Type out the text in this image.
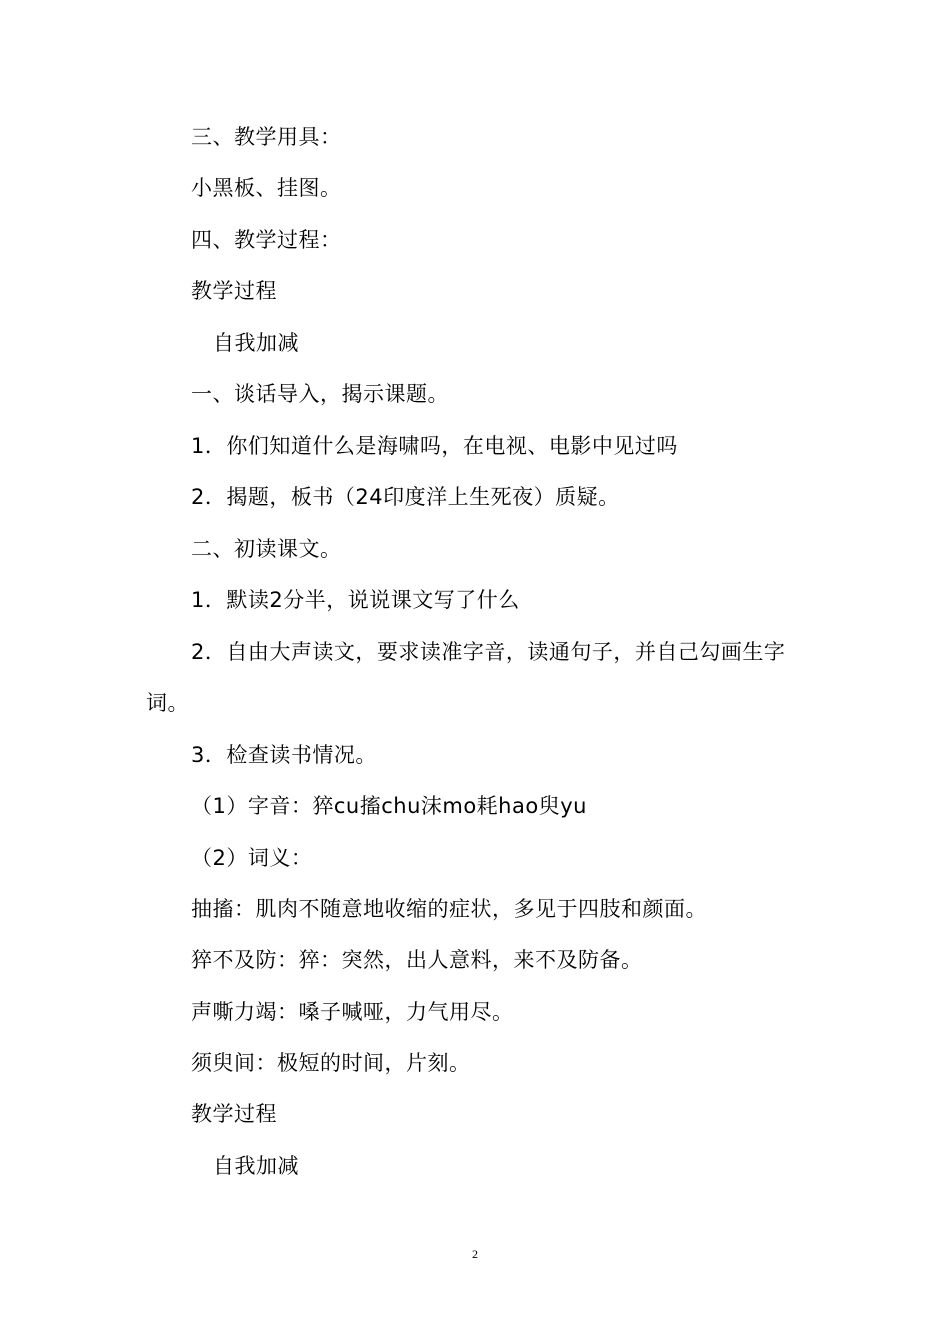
三、教学用具：
小黑板、挂图。
四、教学过程：
教学过程
自我加减
一、谈话导入，揭示课题。
1．你们知道什么是海啸吗，在电视、电影中见过吗
2．揭题，板书（24印度洋上生死夜）质疑。
二、初读课文。
1．默读2分半，说说课文写了什么
2．自由大声读文，要求读准字音，读通句子，并自己勾画生字
词。
3．检查读书情况。
（1）字音：猝cu搐chu沫mo耗hao臾yu
（2）词义：
抽搐：肌肉不随意地收缩的症状，多见于四肢和颜面。
猝不及防：猝：突然，出人意料，来不及防备。
声嘶力竭：嗓子喊哑，力气用尽。
须臾间：极短的时间，片刻。
教学过程
自我加减
2
